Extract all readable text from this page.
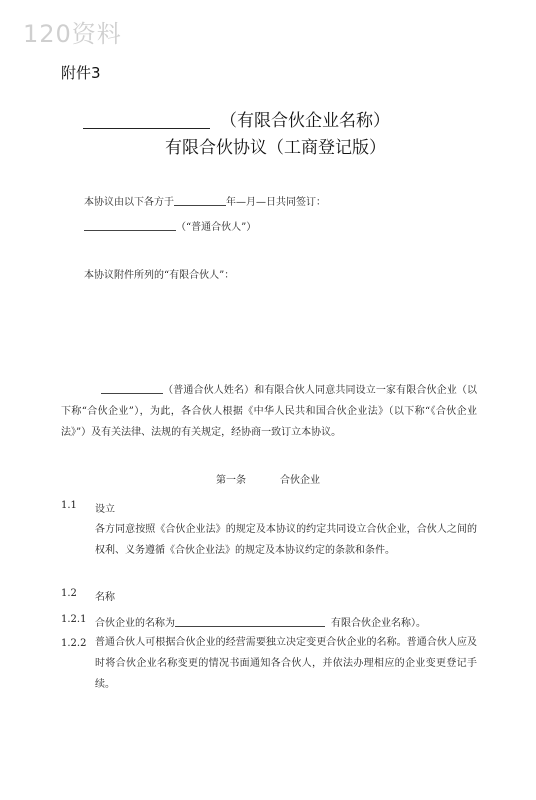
120资料
附件3
（有限合伙企业名称）
有限合伙协议（工商登记版）
本协议由以下各方于	年—月—日共同签订：
（“普通合伙人”）
本协议附件所列的“有限合伙人”：
（普通合伙人姓名）和有限合伙人同意共同设立一家有限合伙企业（以下称“合伙企业”），为此，各合伙人根据《中华人民共和国合伙企业法》（以下称“《合伙企业法》”）及有关法律、法规的有关规定，经协商一致订立本协议。
第一条	合伙企业
1.1 设立
各方同意按照《合伙企业法》的规定及本协议的约定共同设立合伙企业，合伙人之间的权利、义务遵循《合伙企业法》的规定及本协议约定的条款和条件。
1.2 名称
1.2.1 合伙企业的名称为	有限合伙企业名称）。
1.2.2 普通合伙人可根据合伙企业的经营需要独立决定变更合伙企业的名称。普通合伙人应及时将合伙企业名称变更的情况书面通知各合伙人，并依法办理相应的企业变更登记手续。
